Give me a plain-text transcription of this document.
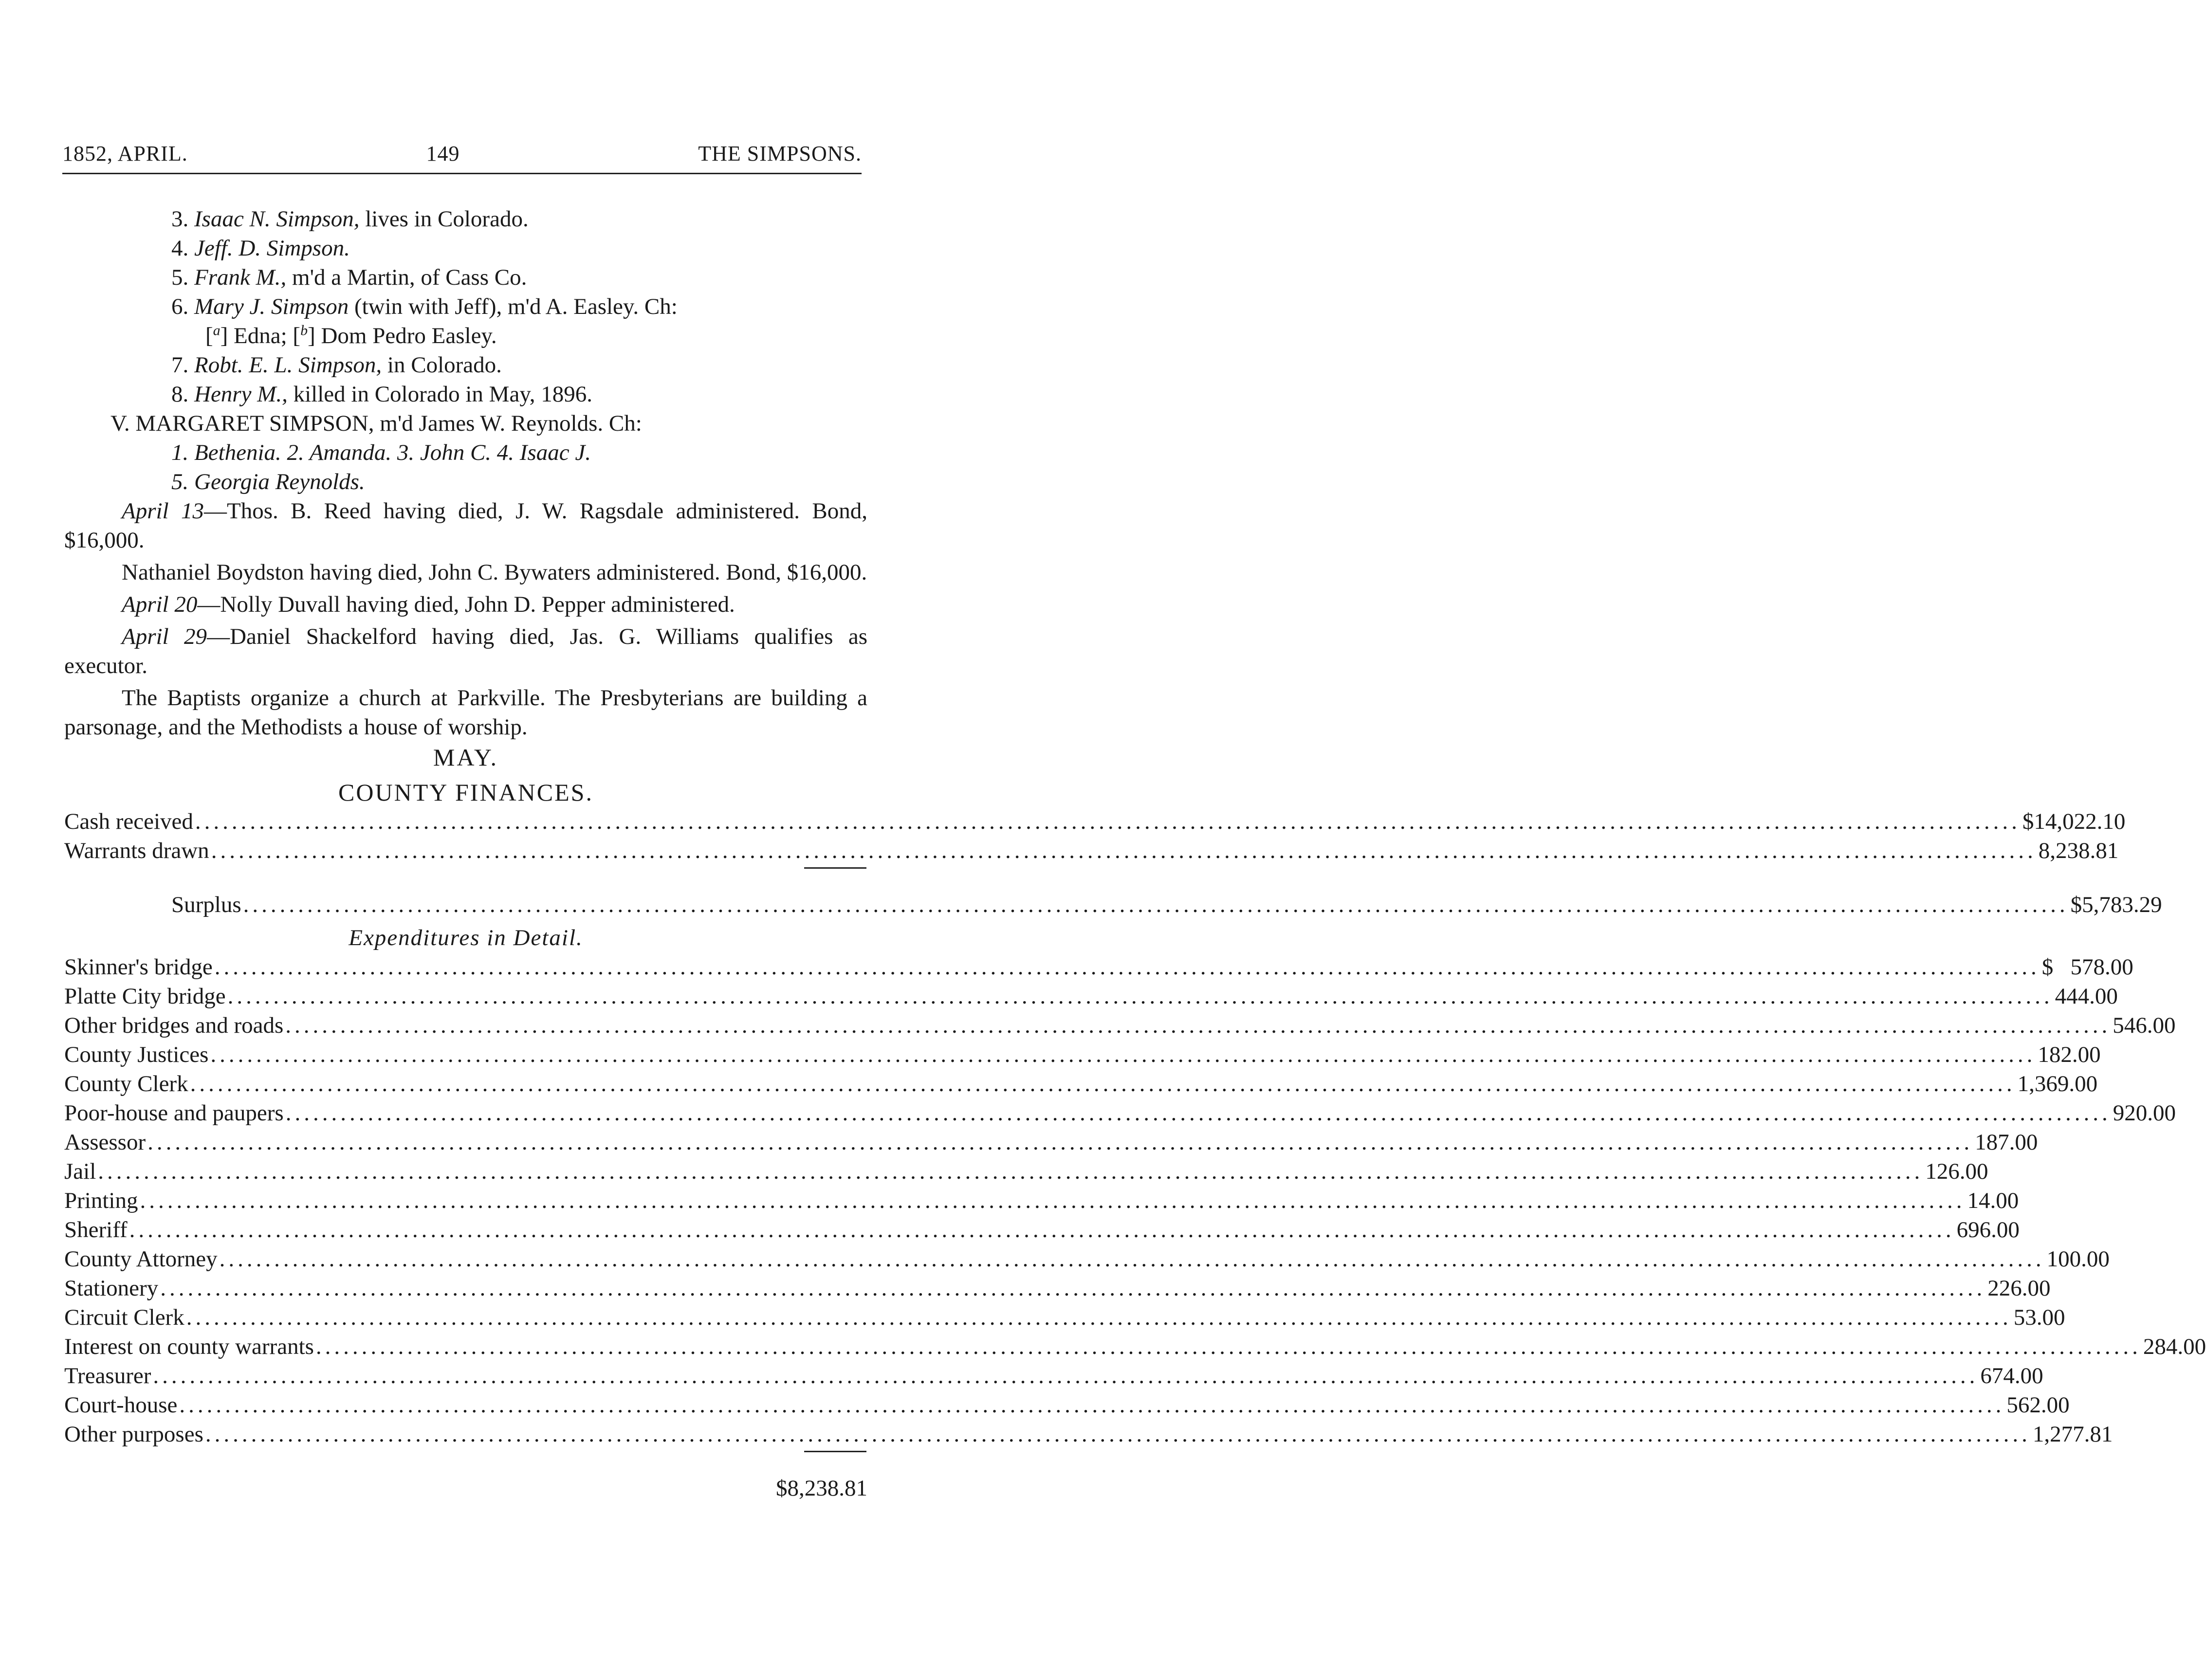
1852, APRIL.	149	THE SIMPSONS.
3. Isaac N. Simpson, lives in Colorado.
4. Jeff. D. Simpson.
5. Frank M., m'd a Martin, of Cass Co.
6. Mary J. Simpson (twin with Jeff), m'd A. Easley. Ch:
[$^a$] Edna; [$^b$] Dom Pedro Easley.
7. Robt. E. L. Simpson, in Colorado.
8. Henry M., killed in Colorado in May, 1896.
V. MARGARET SIMPSON, m'd James W. Reynolds. Ch:
1. Bethenia. 2. Amanda. 3. John C. 4. Isaac J.
5. Georgia Reynolds.

April 13—Thos. B. Reed having died, J. W. Ragsdale administered. Bond, $16,000.

Nathaniel Boydston having died, John C. Bywaters administered. Bond, $16,000.

April 20—Nolly Duvall having died, John D. Pepper administered.

April 29—Daniel Shackelford having died, Jas. G. Williams qualifies as executor.

The Baptists organize a church at Parkville. The Presbyterians are building a parsonage, and the Methodists a house of worship.

MAY.
COUNTY FINANCES.
Cash received ........................................................................................................................................................................................................ $14,022.10
Warrants drawn ........................................................................................................................................................................................................ 8,238.81
Surplus ........................................................................................................................................................................................................ $5,783.29
Expenditures in Detail.
Skinner's bridge ........................................................................................................................................................................................................ $   578.00
Platte City bridge ........................................................................................................................................................................................................ 444.00
Other bridges and roads ........................................................................................................................................................................................................ 546.00
County Justices ........................................................................................................................................................................................................ 182.00
County Clerk ........................................................................................................................................................................................................ 1,369.00
Poor-house and paupers ........................................................................................................................................................................................................ 920.00
Assessor ........................................................................................................................................................................................................ 187.00
Jail ........................................................................................................................................................................................................ 126.00
Printing ........................................................................................................................................................................................................ 14.00
Sheriff ........................................................................................................................................................................................................ 696.00
County Attorney ........................................................................................................................................................................................................ 100.00
Stationery ........................................................................................................................................................................................................ 226.00
Circuit Clerk ........................................................................................................................................................................................................ 53.00
Interest on county warrants ........................................................................................................................................................................................................ 284.00
Treasurer ........................................................................................................................................................................................................ 674.00
Court-house ........................................................................................................................................................................................................ 562.00
Other purposes ........................................................................................................................................................................................................ 1,277.81
$8,238.81
